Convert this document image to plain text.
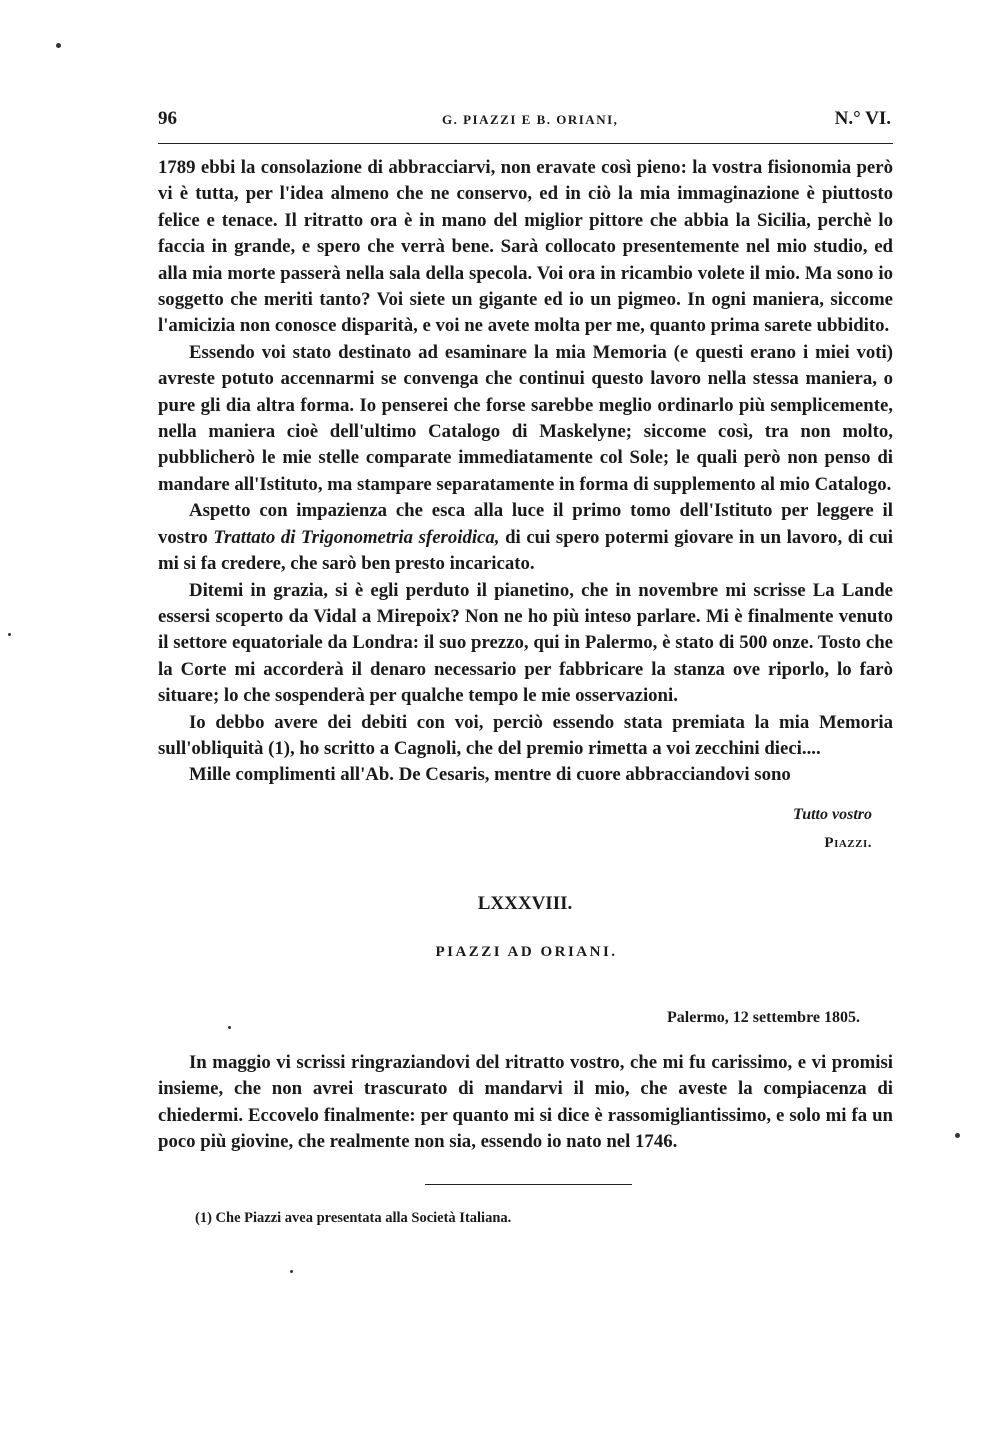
96	G. PIAZZI E B. ORIANI,	N.° VI.

1789 ebbi la consolazione di abbracciarvi, non eravate così pieno: la vostra fisionomia però vi è tutta, per l'idea almeno che ne conservo, ed in ciò la mia immaginazione è piuttosto felice e tenace. Il ritratto ora è in mano del miglior pittore che abbia la Sicilia, perchè lo faccia in grande, e spero che verrà bene. Sarà collocato presentemente nel mio studio, ed alla mia morte passerà nella sala della specola. Voi ora in ricambio volete il mio. Ma sono io soggetto che meriti tanto? Voi siete un gigante ed io un pigmeo. In ogni maniera, siccome l'amicizia non conosce disparità, e voi ne avete molta per me, quanto prima sarete ubbidito.

Essendo voi stato destinato ad esaminare la mia Memoria (e questi erano i miei voti) avreste potuto accennarmi se convenga che continui questo lavoro nella stessa maniera, o pure gli dia altra forma. Io penserei che forse sarebbe meglio ordinarlo più semplicemente, nella maniera cioè dell'ultimo Catalogo di Maskelyne; siccome così, tra non molto, pubblicherò le mie stelle comparate immediatamente col Sole; le quali però non penso di mandare all'Istituto, ma stampare separatamente in forma di supplemento al mio Catalogo.

Aspetto con impazienza che esca alla luce il primo tomo dell'Istituto per leggere il vostro Trattato di Trigonometria sferoidica, di cui spero potermi giovare in un lavoro, di cui mi si fa credere, che sarò ben presto incaricato.

Ditemi in grazia, si è egli perduto il pianetino, che in novembre mi scrisse La Lande essersi scoperto da Vidal a Mirepoix? Non ne ho più inteso parlare. Mi è finalmente venuto il settore equatoriale da Londra: il suo prezzo, qui in Palermo, è stato di 500 onze. Tosto che la Corte mi accorderà il denaro necessario per fabbricare la stanza ove riporlo, lo farò situare; lo che sospenderà per qualche tempo le mie osservazioni.

Io debbo avere dei debiti con voi, perciò essendo stata premiata la mia Memoria sull'obliquità (1), ho scritto a Cagnoli, che del premio rimetta a voi zecchini dieci....

Mille complimenti all'Ab. De Cesaris, mentre di cuore abbracciandovi sono

Tutto vostro
Piazzi.
LXXXVIII.
PIAZZI AD ORIANI.
Palermo, 12 settembre 1805.

In maggio vi scrissi ringraziandovi del ritratto vostro, che mi fu carissimo, e vi promisi insieme, che non avrei trascurato di mandarvi il mio, che aveste la compiacenza di chiedermi. Eccovelo finalmente: per quanto mi si dice è rassomigliantissimo, e solo mi fa un poco più giovine, che realmente non sia, essendo io nato nel 1746.

(1) Che Piazzi avea presentata alla Società Italiana.
